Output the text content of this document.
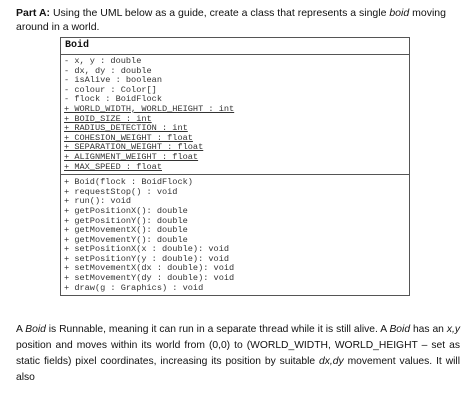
Part A: Using the UML below as a guide, create a class that represents a single boid moving around in a world.
Boid
- x, y : double
- dx, dy : double
- isAlive : boolean
- colour : Color[]
- flock : BoidFlock
+ WORLD_WIDTH, WORLD_HEIGHT : int
+ BOID_SIZE : int
+ RADIUS_DETECTION : int
+ COHESION_WEIGHT : float
+ SEPARATION_WEIGHT : float
+ ALIGNMENT_WEIGHT : float
+ MAX_SPEED : float
+ Boid(flock : BoidFlock)
+ requestStop() : void
+ run(): void
+ getPositionX(): double
+ getPositionY(): double
+ getMovementX(): double
+ getMovementY(): double
+ setPositionX(x : double): void
+ setPositionY(y : double): void
+ setMovementX(dx : double): void
+ setMovementY(dy : double): void
+ draw(g : Graphics) : void
A Boid is Runnable, meaning it can run in a separate thread while it is still alive. A Boid has an x,y position and moves within its world from (0,0) to (WORLD_WIDTH, WORLD_HEIGHT – set as static fields) pixel coordinates, increasing its position by suitable dx,dy movement values. It will also
